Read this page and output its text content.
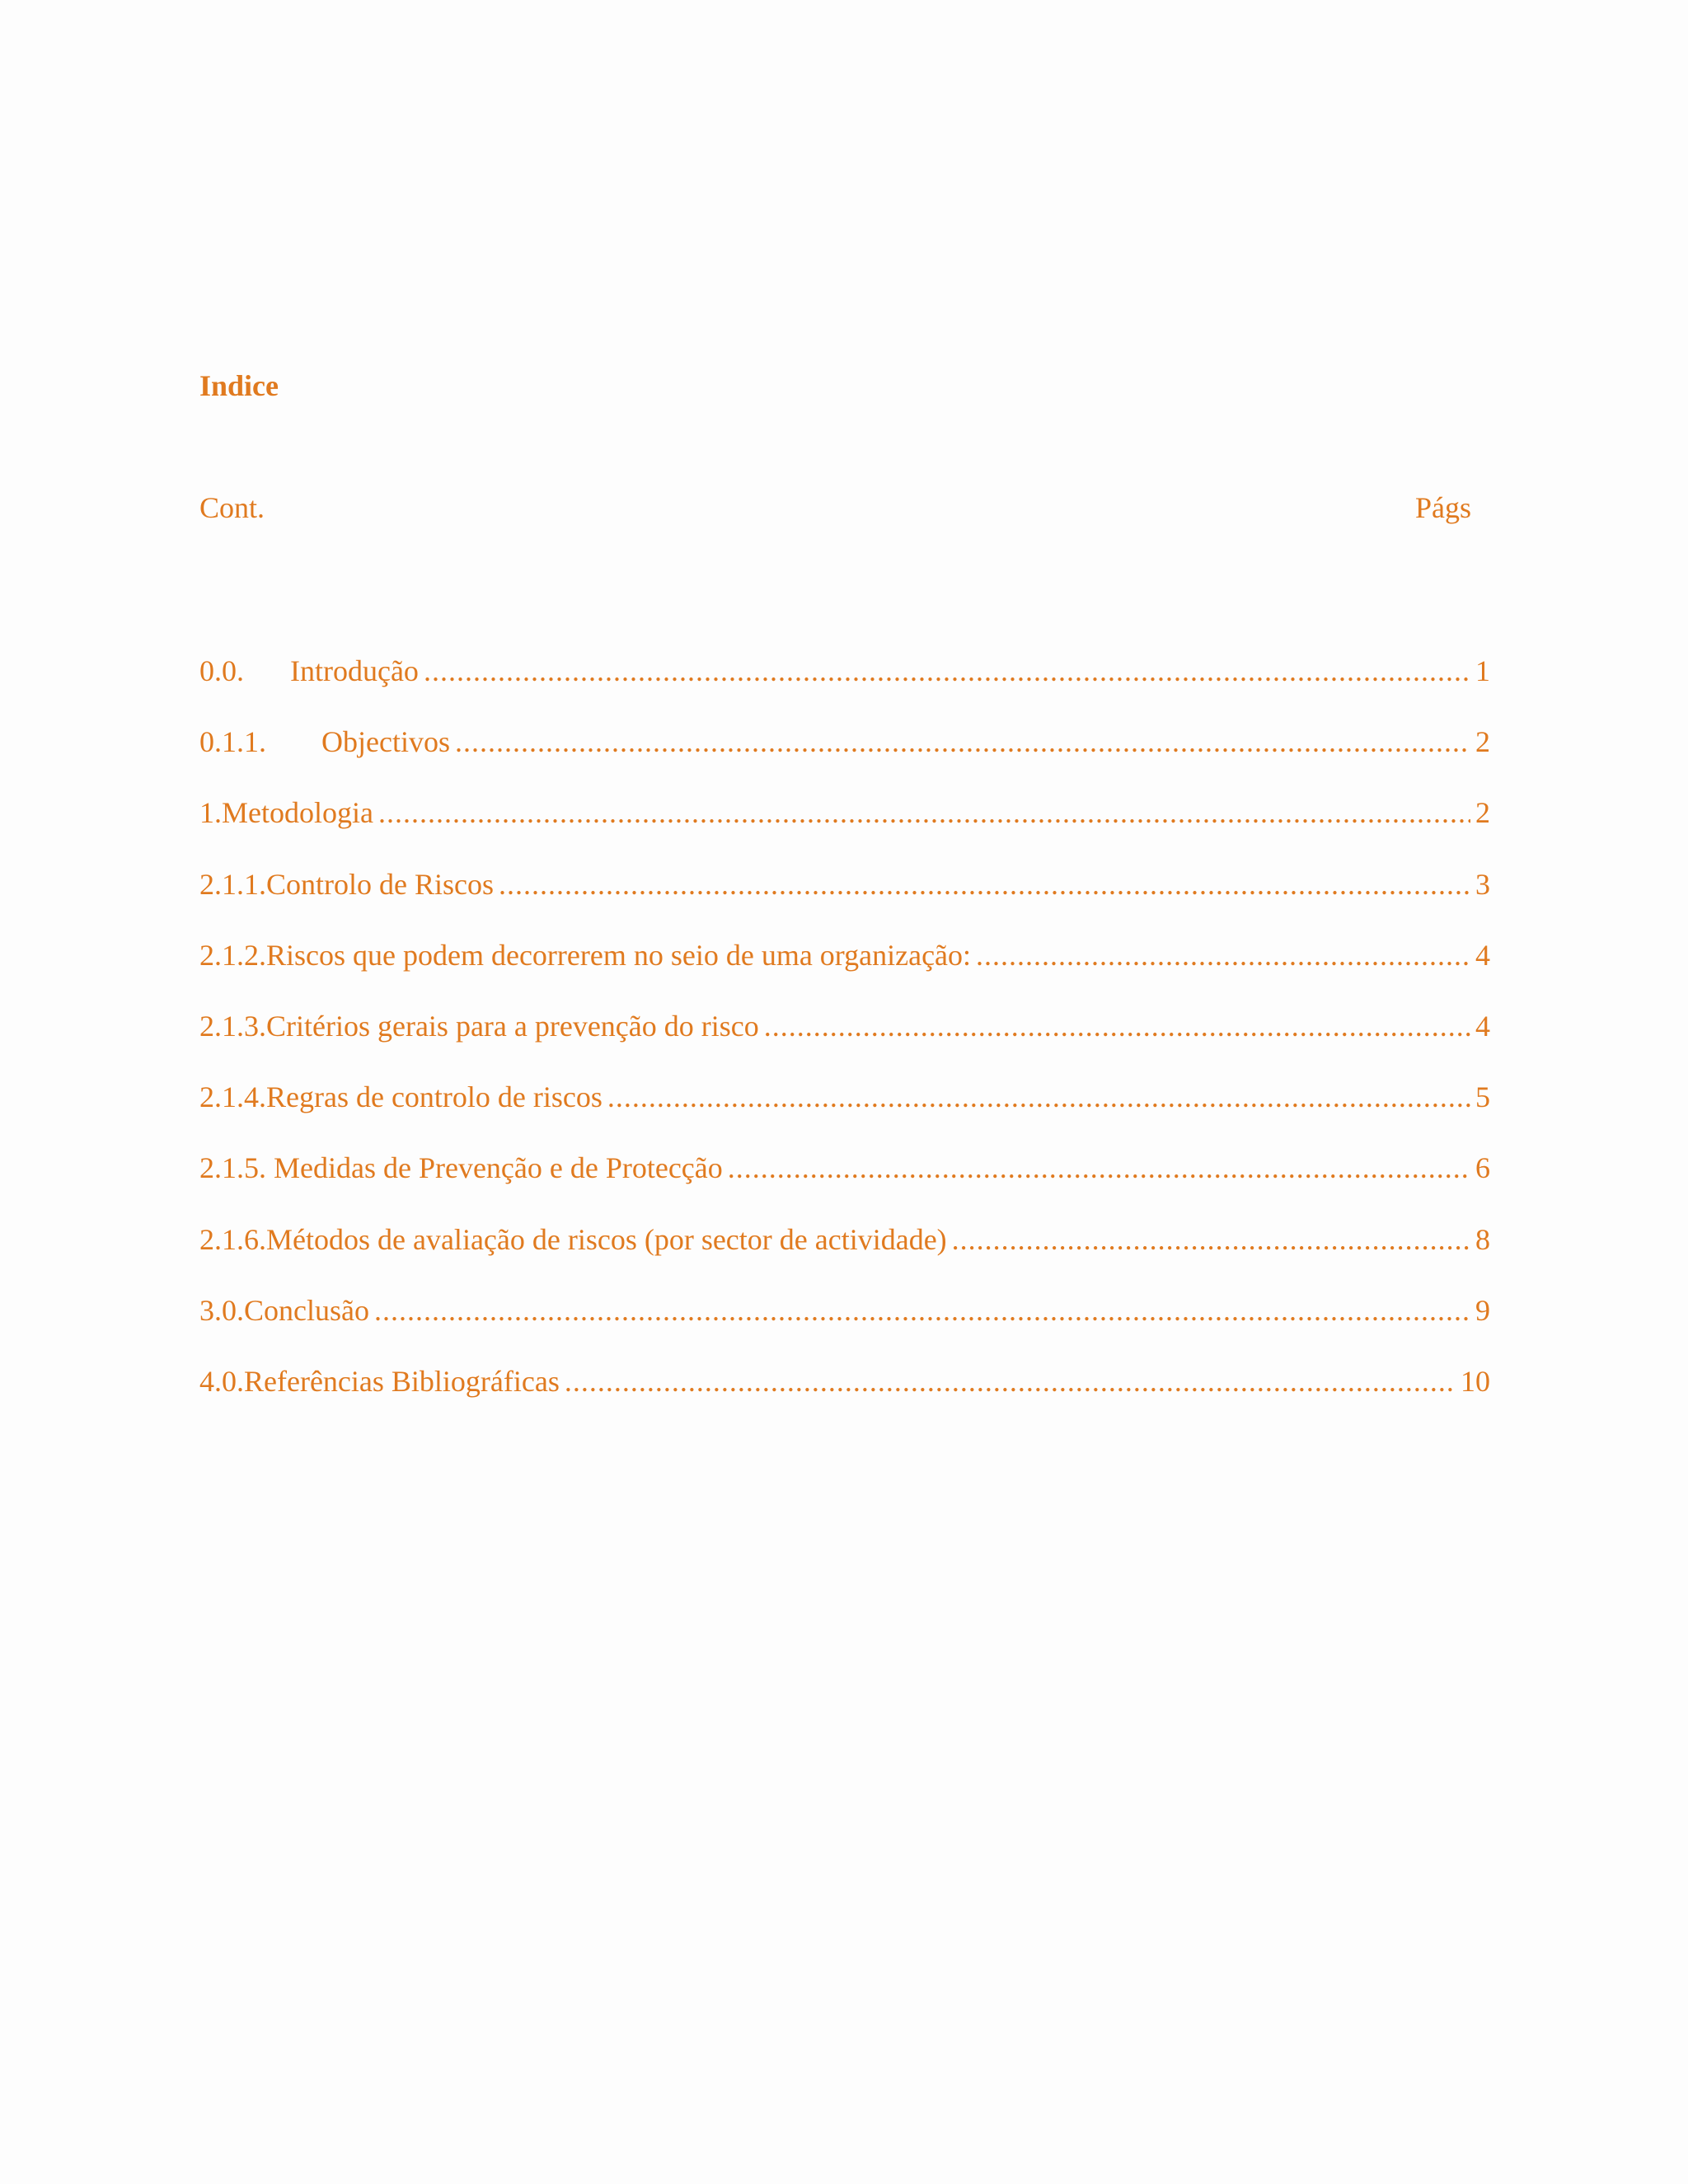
Indice
Cont.	Págs
0.0.	Introdução .....	1
0.1.1.	Objectivos .....	2
1.Metodologia .....	2
2.1.1.Controlo de Riscos .....	3
2.1.2.Riscos que podem decorrerem no seio de uma organização: .....	4
2.1.3.Critérios gerais para a prevenção do risco .....	4
2.1.4.Regras de controlo de riscos .....	5
2.1.5. Medidas de Prevenção e de Protecção .....	6
2.1.6.Métodos de avaliação de riscos (por sector de actividade) .....	8
3.0.Conclusão .....	9
4.0.Referências Bibliográficas .....	10
